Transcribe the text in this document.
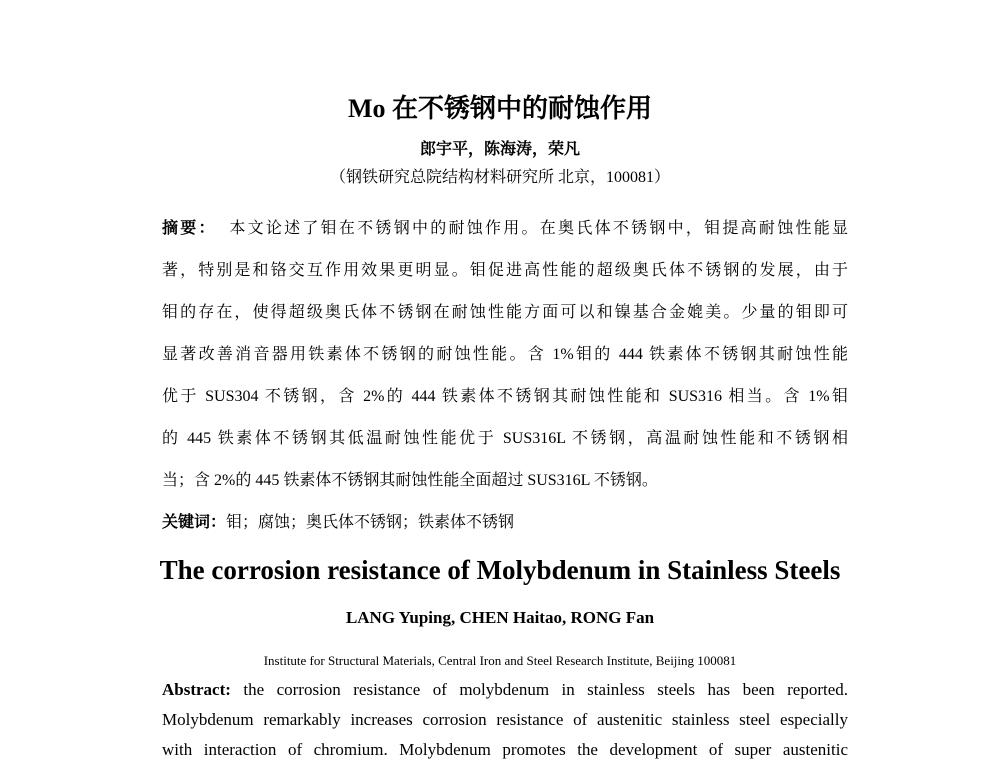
Mo 在不锈钢中的耐蚀作用
郎宇平，陈海涛，荣凡
（钢铁研究总院结构材料研究所 北京，100081）
摘要： 本文论述了钼在不锈钢中的耐蚀作用。在奥氏体不锈钢中，钼提高耐蚀性能显
著，特别是和铬交互作用效果更明显。钼促进高性能的超级奥氏体不锈钢的发展，由于
钼的存在，使得超级奥氏体不锈钢在耐蚀性能方面可以和镍基合金媲美。少量的钼即可
显著改善消音器用铁素体不锈钢的耐蚀性能。含 1%钼的 444 铁素体不锈钢其耐蚀性能
优于 SUS304 不锈钢，含 2%的 444 铁素体不锈钢其耐蚀性能和 SUS316 相当。含 1%钼
的 445 铁素体不锈钢其低温耐蚀性能优于 SUS316L 不锈钢，高温耐蚀性能和不锈钢相
当；含 2%的 445 铁素体不锈钢其耐蚀性能全面超过 SUS316L 不锈钢。
关键词：钼；腐蚀；奥氏体不锈钢；铁素体不锈钢
The corrosion resistance of Molybdenum in Stainless Steels
LANG Yuping, CHEN Haitao, RONG Fan
Institute for Structural Materials, Central Iron and Steel Research Institute, Beijing 100081
Abstract: the corrosion resistance of molybdenum in stainless steels has been reported.
Molybdenum remarkably increases corrosion resistance of austenitic stainless steel especially
with interaction of chromium. Molybdenum promotes the development of super austenitic
